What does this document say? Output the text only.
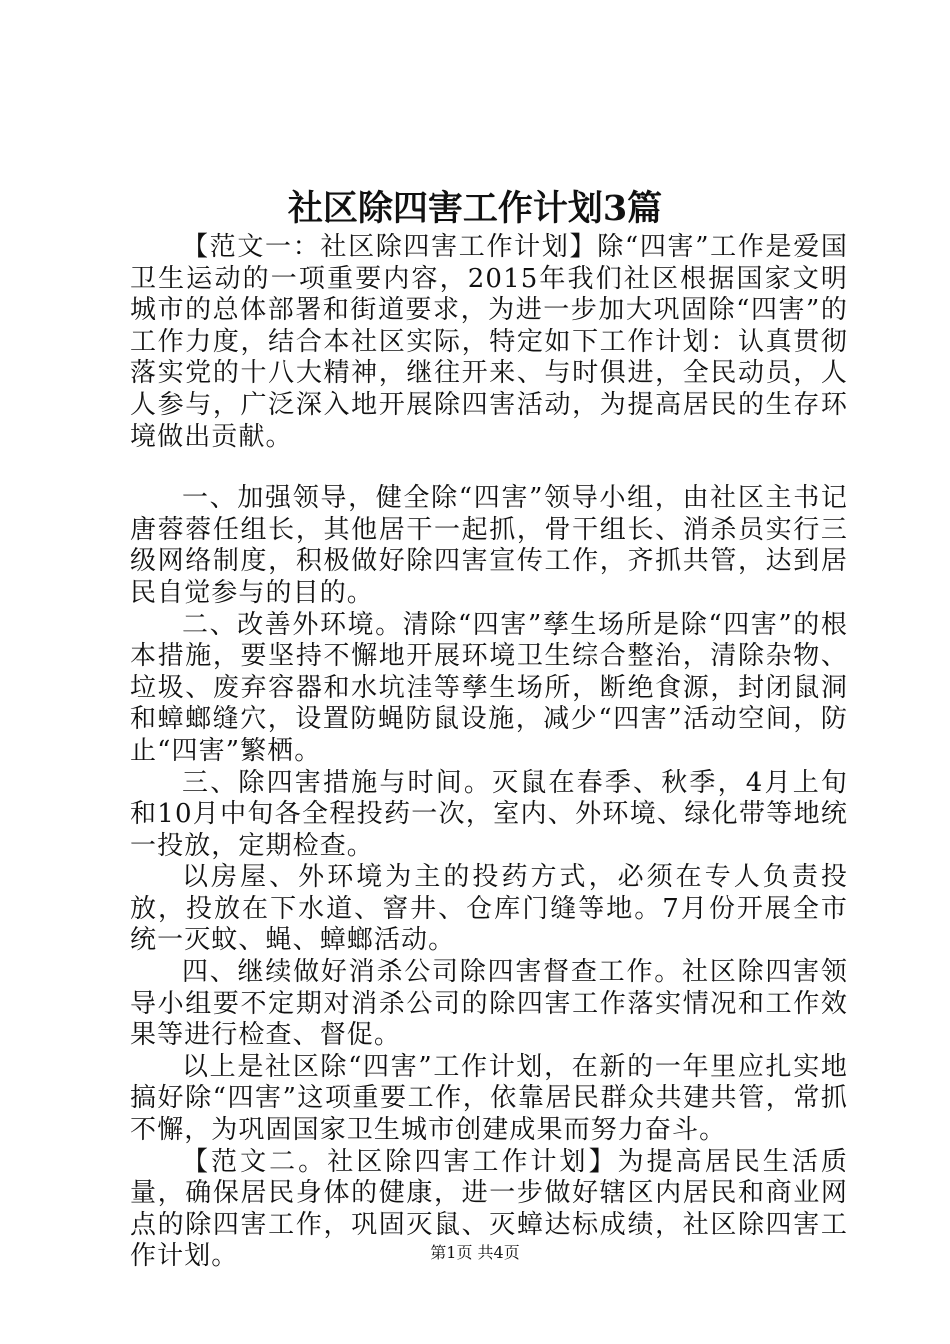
社区除四害工作计划3篇

【范文一：社区除四害工作计划】除“四害”工作是爱国卫生运动的一项重要内容，2015年我们社区根据国家文明城市的总体部署和街道要求，为进一步加大巩固除“四害”的工作力度，结合本社区实际，特定如下工作计划：认真贯彻落实党的十八大精神，继往开来、与时俱进，全民动员，人人参与，广泛深入地开展除四害活动，为提高居民的生存环境做出贡献。

一、加强领导，健全除“四害”领导小组，由社区主书记唐蓉蓉任组长，其他居干一起抓，骨干组长、消杀员实行三级网络制度，积极做好除四害宣传工作，齐抓共管，达到居民自觉参与的目的。

二、改善外环境。清除“四害”孳生场所是除“四害”的根本措施，要坚持不懈地开展环境卫生综合整治，清除杂物、垃圾、废弃容器和水坑洼等孳生场所，断绝食源，封闭鼠洞和蟑螂缝穴，设置防蝇防鼠设施，减少“四害”活动空间，防止“四害”繁栖。

三、除四害措施与时间。灭鼠在春季、秋季，4月上旬和10月中旬各全程投药一次，室内、外环境、绿化带等地统一投放，定期检查。

以房屋、外环境为主的投药方式，必须在专人负责投放，投放在下水道、窨井、仓库门缝等地。7月份开展全市统一灭蚊、蝇、蟑螂活动。

四、继续做好消杀公司除四害督查工作。社区除四害领导小组要不定期对消杀公司的除四害工作落实情况和工作效果等进行检查、督促。

以上是社区除“四害”工作计划，在新的一年里应扎实地搞好除“四害”这项重要工作，依靠居民群众共建共管，常抓不懈，为巩固国家卫生城市创建成果而努力奋斗。

【范文二。社区除四害工作计划】为提高居民生活质量，确保居民身体的健康，进一步做好辖区内居民和商业网点的除四害工作，巩固灭鼠、灭蟑达标成绩，社区除四害工作计划。	第1页 共4页
